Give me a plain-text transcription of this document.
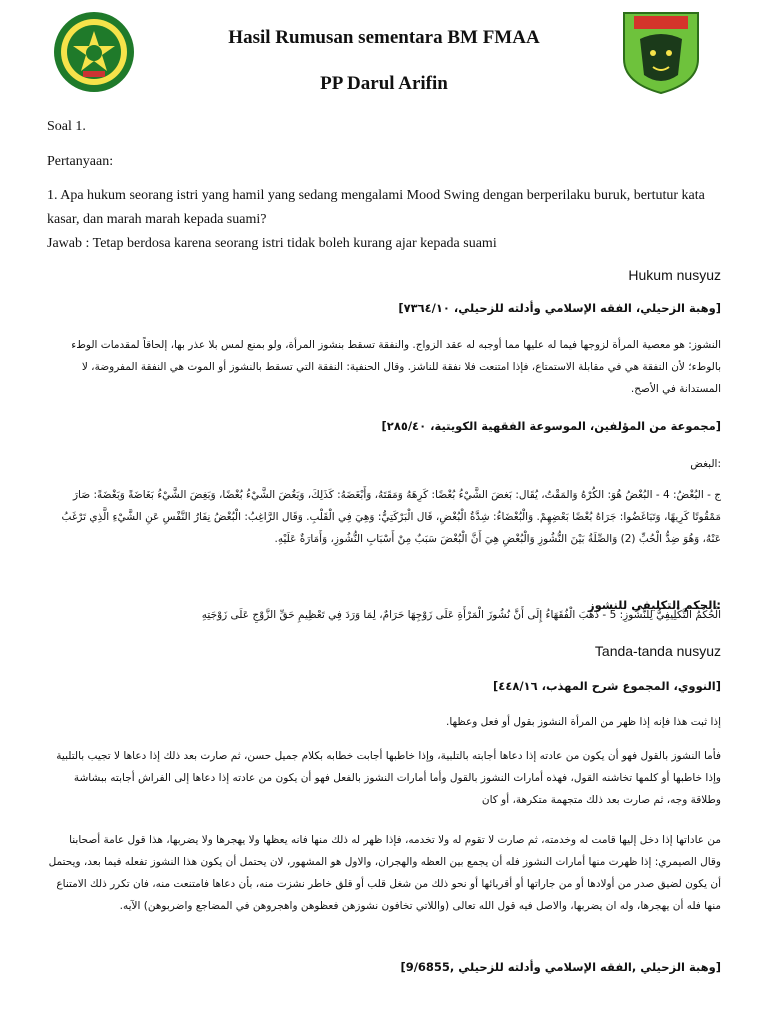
Hasil Rumusan sementara BM FMAA
PP Darul Arifin
Soal 1.
Pertanyaan:
1. Apa hukum seorang istri yang hamil yang sedang mengalami Mood Swing dengan berperilaku buruk, bertutur kata kasar, dan marah marah kepada suami?
Jawab : Tetap berdosa karena seorang istri tidak boleh kurang ajar kepada suami
Hukum nusyuz
[وهبة الزحيلي، الفقه الإسلامي وأدلته للزحيلي، ٧٣٦٤/١٠]
النشوز: هو معصية المرأة لزوجها فيما له عليها مما أوجبه له عقد الزواج. والنفقة تسقط بنشوز المرأة، ولو بمنع لمس بلا عذر بها، إلحاقاً لمقدمات الوطء بالوطء؛ لأن النفقة هي في مقابلة الاستمتاع، فإذا امتنعت فلا نفقة للناشز. وقال الحنفية: النفقة التي تسقط بالنشوز أو الموت هي النفقة المفروضة، لا المستدانة في الأصح.
[مجموعة من المؤلفين، الموسوعة الفقهية الكويتية، ٢٨٥/٤٠]
:البغض
ج - البُغْضُ: 4 - البُغْضُ هُوَ: الكُرْهُ وَالمَقْتُ، يُقَال: بَغضَ الشَّيْءُ بُغْضًا: كَرِهَهُ وَمَقَتَهُ، وَأَبْغَضَهُ: كَذَلِكَ، وَبَغُضَ الشَّيْءُ بُغْضًا، وَبَغِضَ الشَّيْءُ بَغَاضَةً وَبَغْضَةً: صَارَ مَمْقُوتًا كَرِيهًا، وَتَبَاغَضُوا: جَرَاهُ بُغْضًا بَعْضِهِمْ. وَالْبُغْضَاءُ: شِدَّةُ الْبُغْضِ، قَال الْبَرْكَتِيُّ: وَهِيَ فِي الْقَلْبِ. وَقَال الرَّاغِبُ: الْبُغْضُ نِفَارُ النَّفْسِ عَنِ الشَّيْءِ الَّذِي تَرْغَبُ عَنْهُ، وَهُوَ ضِدُّ الْحُبِّ (2) وَالصِّلَةُ بَيْنَ النُّشُوزِ وَالْبُغْضِ هِيَ أَنَّ الْبُغْضَ سَبَبٌ مِنْ أَسْبَابِ النُّشُوزِ، وَأَمَارَةٌ عَلَيْهِ.
:الحكم التكليفي للنشوز
الْحُكْمُ التَّكْلِيفِيُّ لِلنُّشُوزِ: 5 - ذَهَبَ الْفُقَهَاءُ إِلَى أَنَّ نُشُوزَ الْمَرْأَةِ عَلَى زَوْجِهَا حَرَامٌ، لِمَا وَرَدَ فِي تَعْظِيمِ حَقِّ الزَّوْجِ عَلَى زَوْجَتِهِ
Tanda-tanda nusyuz
[النووي، المجموع شرح المهذب، ٤٤٨/١٦]
إذا ثبت هذا فإنه إذا ظهر من المرأة النشوز بقول أو فعل وعظها.
فأما النشوز بالقول فهو أن يكون من عادته إذا دعاها أجابته بالتلبية، وإذا خاطبها أجابت خطابه بكلام جميل حسن، ثم صارت بعد ذلك إذا دعاها لا تجيب بالتلبية وإذا خاطبها أو كلمها تخاشنه القول، فهذه أمارات النشوز بالقول وأما أمارات النشوز بالفعل فهو أن يكون من عادته إذا دعاها إلى الفراش أجابته ببشاشة وطلاقة وجه، ثم صارت بعد ذلك متجهمة متكرهة، أو كان
من عاداتها إذا دخل إليها قامت له وخدمته، ثم صارت لا تقوم له ولا تخدمه، فإذا ظهر له ذلك منها فانه يعظها ولا يهجرها ولا يضربها، هذا قول عامة أصحابنا وقال الصيمري: إذا ظهرت منها أمارات النشوز فله أن يجمع بين العظه والهجران، والاول هو المشهور، لان يحتمل أن يكون هذا النشوز تفعله فيما بعد، ويحتمل أن يكون لضيق صدر من أولادها أو من جاراتها أو أقربائها أو نحو ذلك من شغل قلب أو قلق خاطر نشزت منه، بأن دعاها فامتنعت منه، فان تكرر ذلك الامتناع منها فله أن يهجرها، وله ان يضربها، والاصل فيه قول الله تعالى (واللاتي تخافون نشوزهن فعظوهن واهجروهن في المضاجع واضربوهن) الآيه.
[وهبة الزحيلي ,الفقه الإسلامي وأدلته للزحيلي ,9/6855]
